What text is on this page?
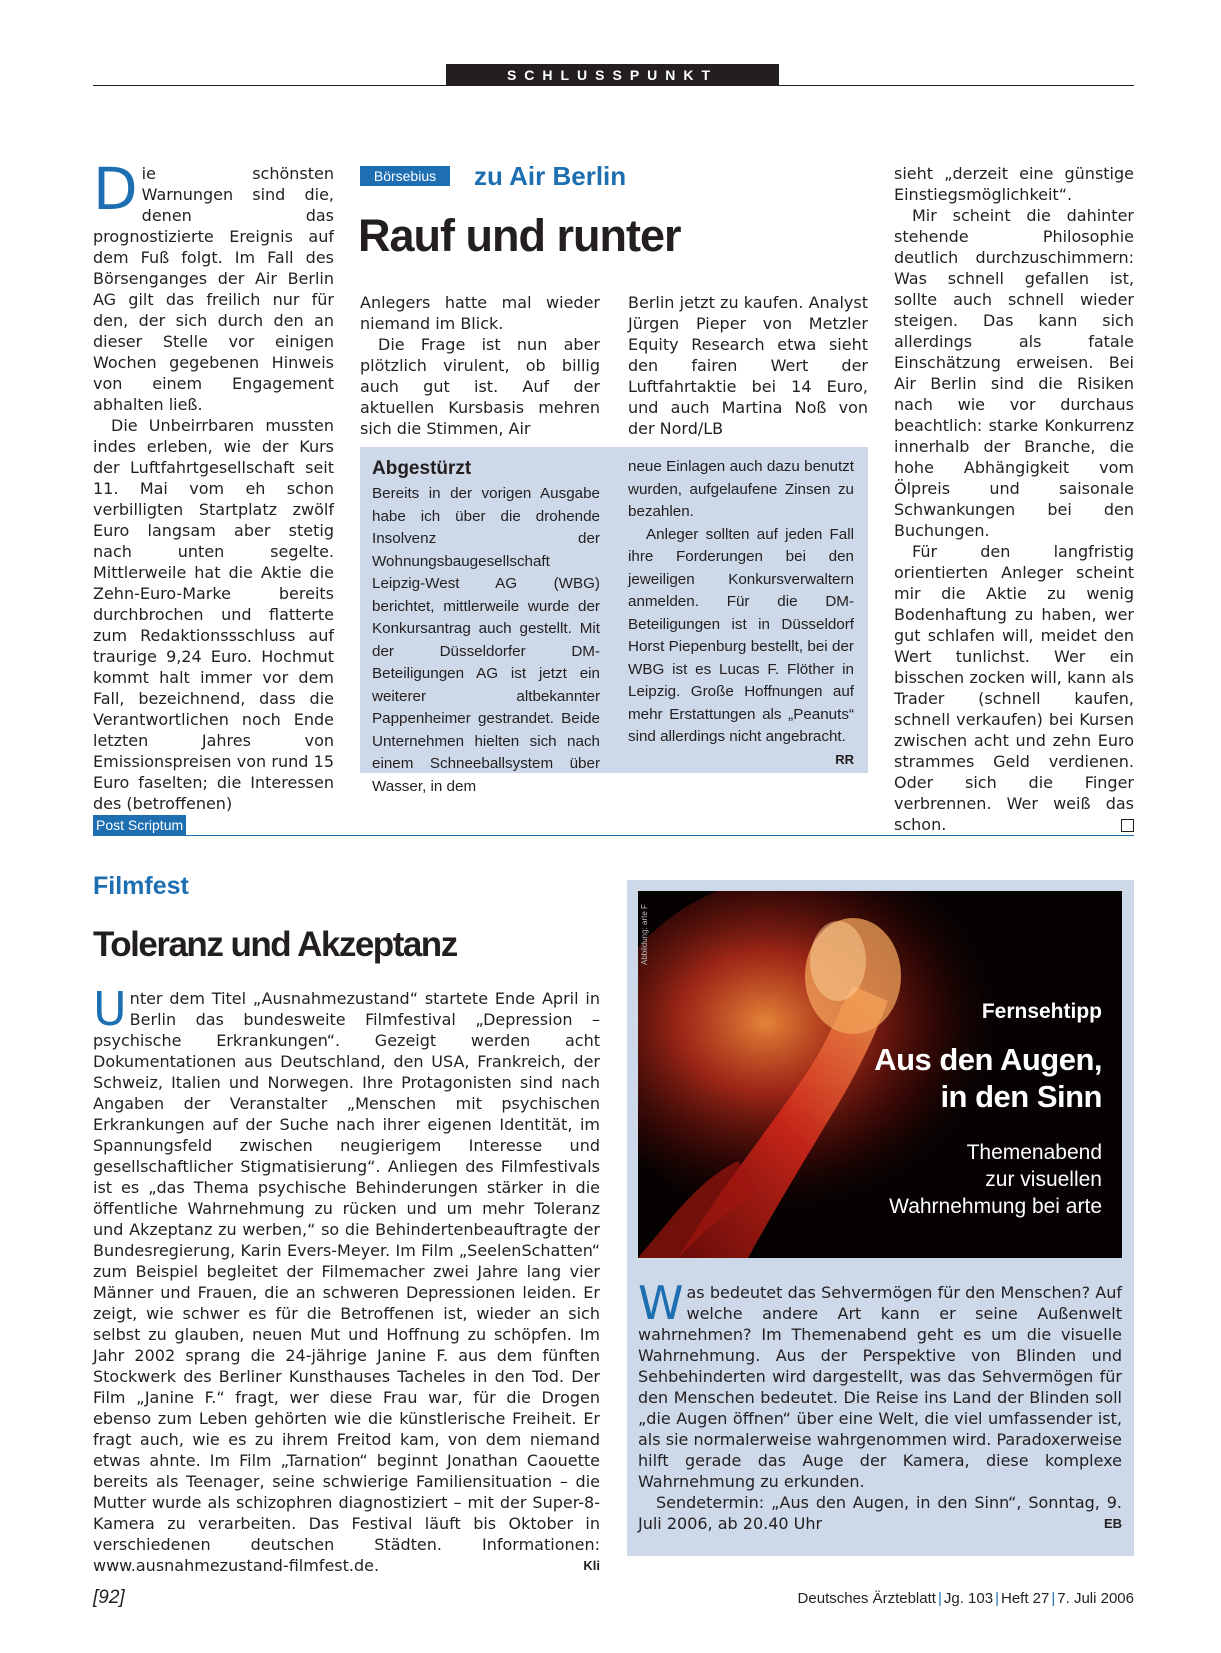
SCHLUSSPUNKT

Die schönsten Warnungen sind die, denen das prognostizierte Ereignis auf dem Fuß folgt. Im Fall des Börsenganges der Air Berlin AG gilt das freilich nur für den, der sich durch den an dieser Stelle vor einigen Wochen gegebenen Hinweis von einem Engagement abhalten ließ.

Die Unbeirrbaren mussten indes erleben, wie der Kurs der Luftfahrtgesellschaft seit 11. Mai vom eh schon verbilligten Startplatz zwölf Euro langsam aber stetig nach unten segelte. Mittlerweile hat die Aktie die Zehn-Euro-Marke bereits durchbrochen und flatterte zum Redaktionssschluss auf traurige 9,24 Euro. Hochmut kommt halt immer vor dem Fall, bezeichnend, dass die Verantwortlichen noch Ende letzten Jahres von Emissionspreisen von rund 15 Euro faselten; die Interessen des (betroffenen)

Börsebius	zu Air Berlin
Rauf und runter

Anlegers hatte mal wieder niemand im Blick.

Die Frage ist nun aber plötzlich virulent, ob billig auch gut ist. Auf der aktuellen Kursbasis mehren sich die Stimmen, Air

Berlin jetzt zu kaufen. Analyst Jürgen Pieper von Metzler Equity Research etwa sieht den fairen Wert der Luftfahrtaktie bei 14 Euro, und auch Martina Noß von der Nord/LB

Abgestürzt

Bereits in der vorigen Ausgabe habe ich über die drohende Insolvenz der Wohnungsbaugesellschaft Leipzig-West AG (WBG) berichtet, mittlerweile wurde der Konkursantrag auch gestellt. Mit der Düsseldorfer DM-Beteiligungen AG ist jetzt ein weiterer altbekannter Pappenheimer gestrandet. Beide Unternehmen hielten sich nach einem Schneeballsystem über Wasser, in dem

neue Einlagen auch dazu benutzt wurden, aufgelaufene Zinsen zu bezahlen.

Anleger sollten auf jeden Fall ihre Forderungen bei den jeweiligen Konkursverwaltern anmelden. Für die DM-Beteiligungen ist in Düsseldorf Horst Piepenburg bestellt, bei der WBG ist es Lucas F. Flöther in Leipzig. Große Hoffnungen auf mehr Erstattungen als „Peanuts“ sind allerdings nicht angebracht.
RR

sieht „derzeit eine günstige Einstiegsmöglichkeit“.

Mir scheint die dahinter stehende Philosophie deutlich durchzuschimmern: Was schnell gefallen ist, sollte auch schnell wieder steigen. Das kann sich allerdings als fatale Einschätzung erweisen. Bei Air Berlin sind die Risiken nach wie vor durchaus beachtlich: starke Konkurrenz innerhalb der Branche, die hohe Abhängigkeit vom Ölpreis und saisonale Schwankungen bei den Buchungen.

Für den langfristig orientierten Anleger scheint mir die Aktie zu wenig Bodenhaftung zu haben, wer gut schlafen will, meidet den Wert tunlichst. Wer ein bisschen zocken will, kann als Trader (schnell kaufen, schnell verkaufen) bei Kursen zwischen acht und zehn Euro strammes Geld verdienen. Oder sich die Finger verbrennen. Wer weiß das schon.

Post Scriptum
Filmfest
Toleranz und Akzeptanz

Unter dem Titel „Ausnahmezustand“ startete Ende April in Berlin das bundesweite Filmfestival „Depression – psychische Erkrankungen“. Gezeigt werden acht Dokumentationen aus Deutschland, den USA, Frankreich, der Schweiz, Italien und Norwegen. Ihre Protagonisten sind nach Angaben der Veranstalter „Menschen mit psychischen Erkrankungen auf der Suche nach ihrer eigenen Identität, im Spannungsfeld zwischen neugierigem Interesse und gesellschaftlicher Stigmatisierung“. Anliegen des Filmfestivals ist es „das Thema psychische Behinderungen stärker in die öffentliche Wahrnehmung zu rücken und um mehr Toleranz und Akzeptanz zu werben,“ so die Behindertenbeauftragte der Bundesregierung, Karin Evers-Meyer. Im Film „SeelenSchatten“ zum Beispiel begleitet der Filmemacher zwei Jahre lang vier Männer und Frauen, die an schweren Depressionen leiden. Er zeigt, wie schwer es für die Betroffenen ist, wieder an sich selbst zu glauben, neuen Mut und Hoffnung zu schöpfen. Im Jahr 2002 sprang die 24-jährige Janine F. aus dem fünften Stockwerk des Berliner Kunsthauses Tacheles in den Tod. Der Film „Janine F.“ fragt, wer diese Frau war, für die Drogen ebenso zum Leben gehörten wie die künstlerische Freiheit. Er fragt auch, wie es zu ihrem Freitod kam, von dem niemand etwas ahnte. Im Film „Tarnation“ beginnt Jonathan Caouette bereits als Teenager, seine schwierige Familiensituation – die Mutter wurde als schizophren diagnostiziert – mit der Super-8-Kamera zu verarbeiten. Das Festival läuft bis Oktober in verschiedenen deutschen Städten. Informationen: www.ausnahmezustand-filmfest.de.	Kli

Fernsehtipp
Aus den Augen,
in den Sinn
Themenabend
zur visuellen
Wahrnehmung bei arte
Abbildung: arte F

Was bedeutet das Sehvermögen für den Menschen? Auf welche andere Art kann er seine Außenwelt wahrnehmen? Im Themenabend geht es um die visuelle Wahrnehmung. Aus der Perspektive von Blinden und Sehbehinderten wird dargestellt, was das Sehvermögen für den Menschen bedeutet. Die Reise ins Land der Blinden soll „die Augen öffnen“ über eine Welt, die viel umfassender ist, als sie normalerweise wahrgenommen wird. Paradoxerweise hilft gerade das Auge der Kamera, diese komplexe Wahrnehmung zu erkunden.

Sendetermin: „Aus den Augen, in den Sinn“, Sonntag, 9. Juli 2006, ab 20.40 Uhr	EB

[92]	Deutsches Ärzteblatt | Jg. 103 | Heft 27 | 7. Juli 2006
